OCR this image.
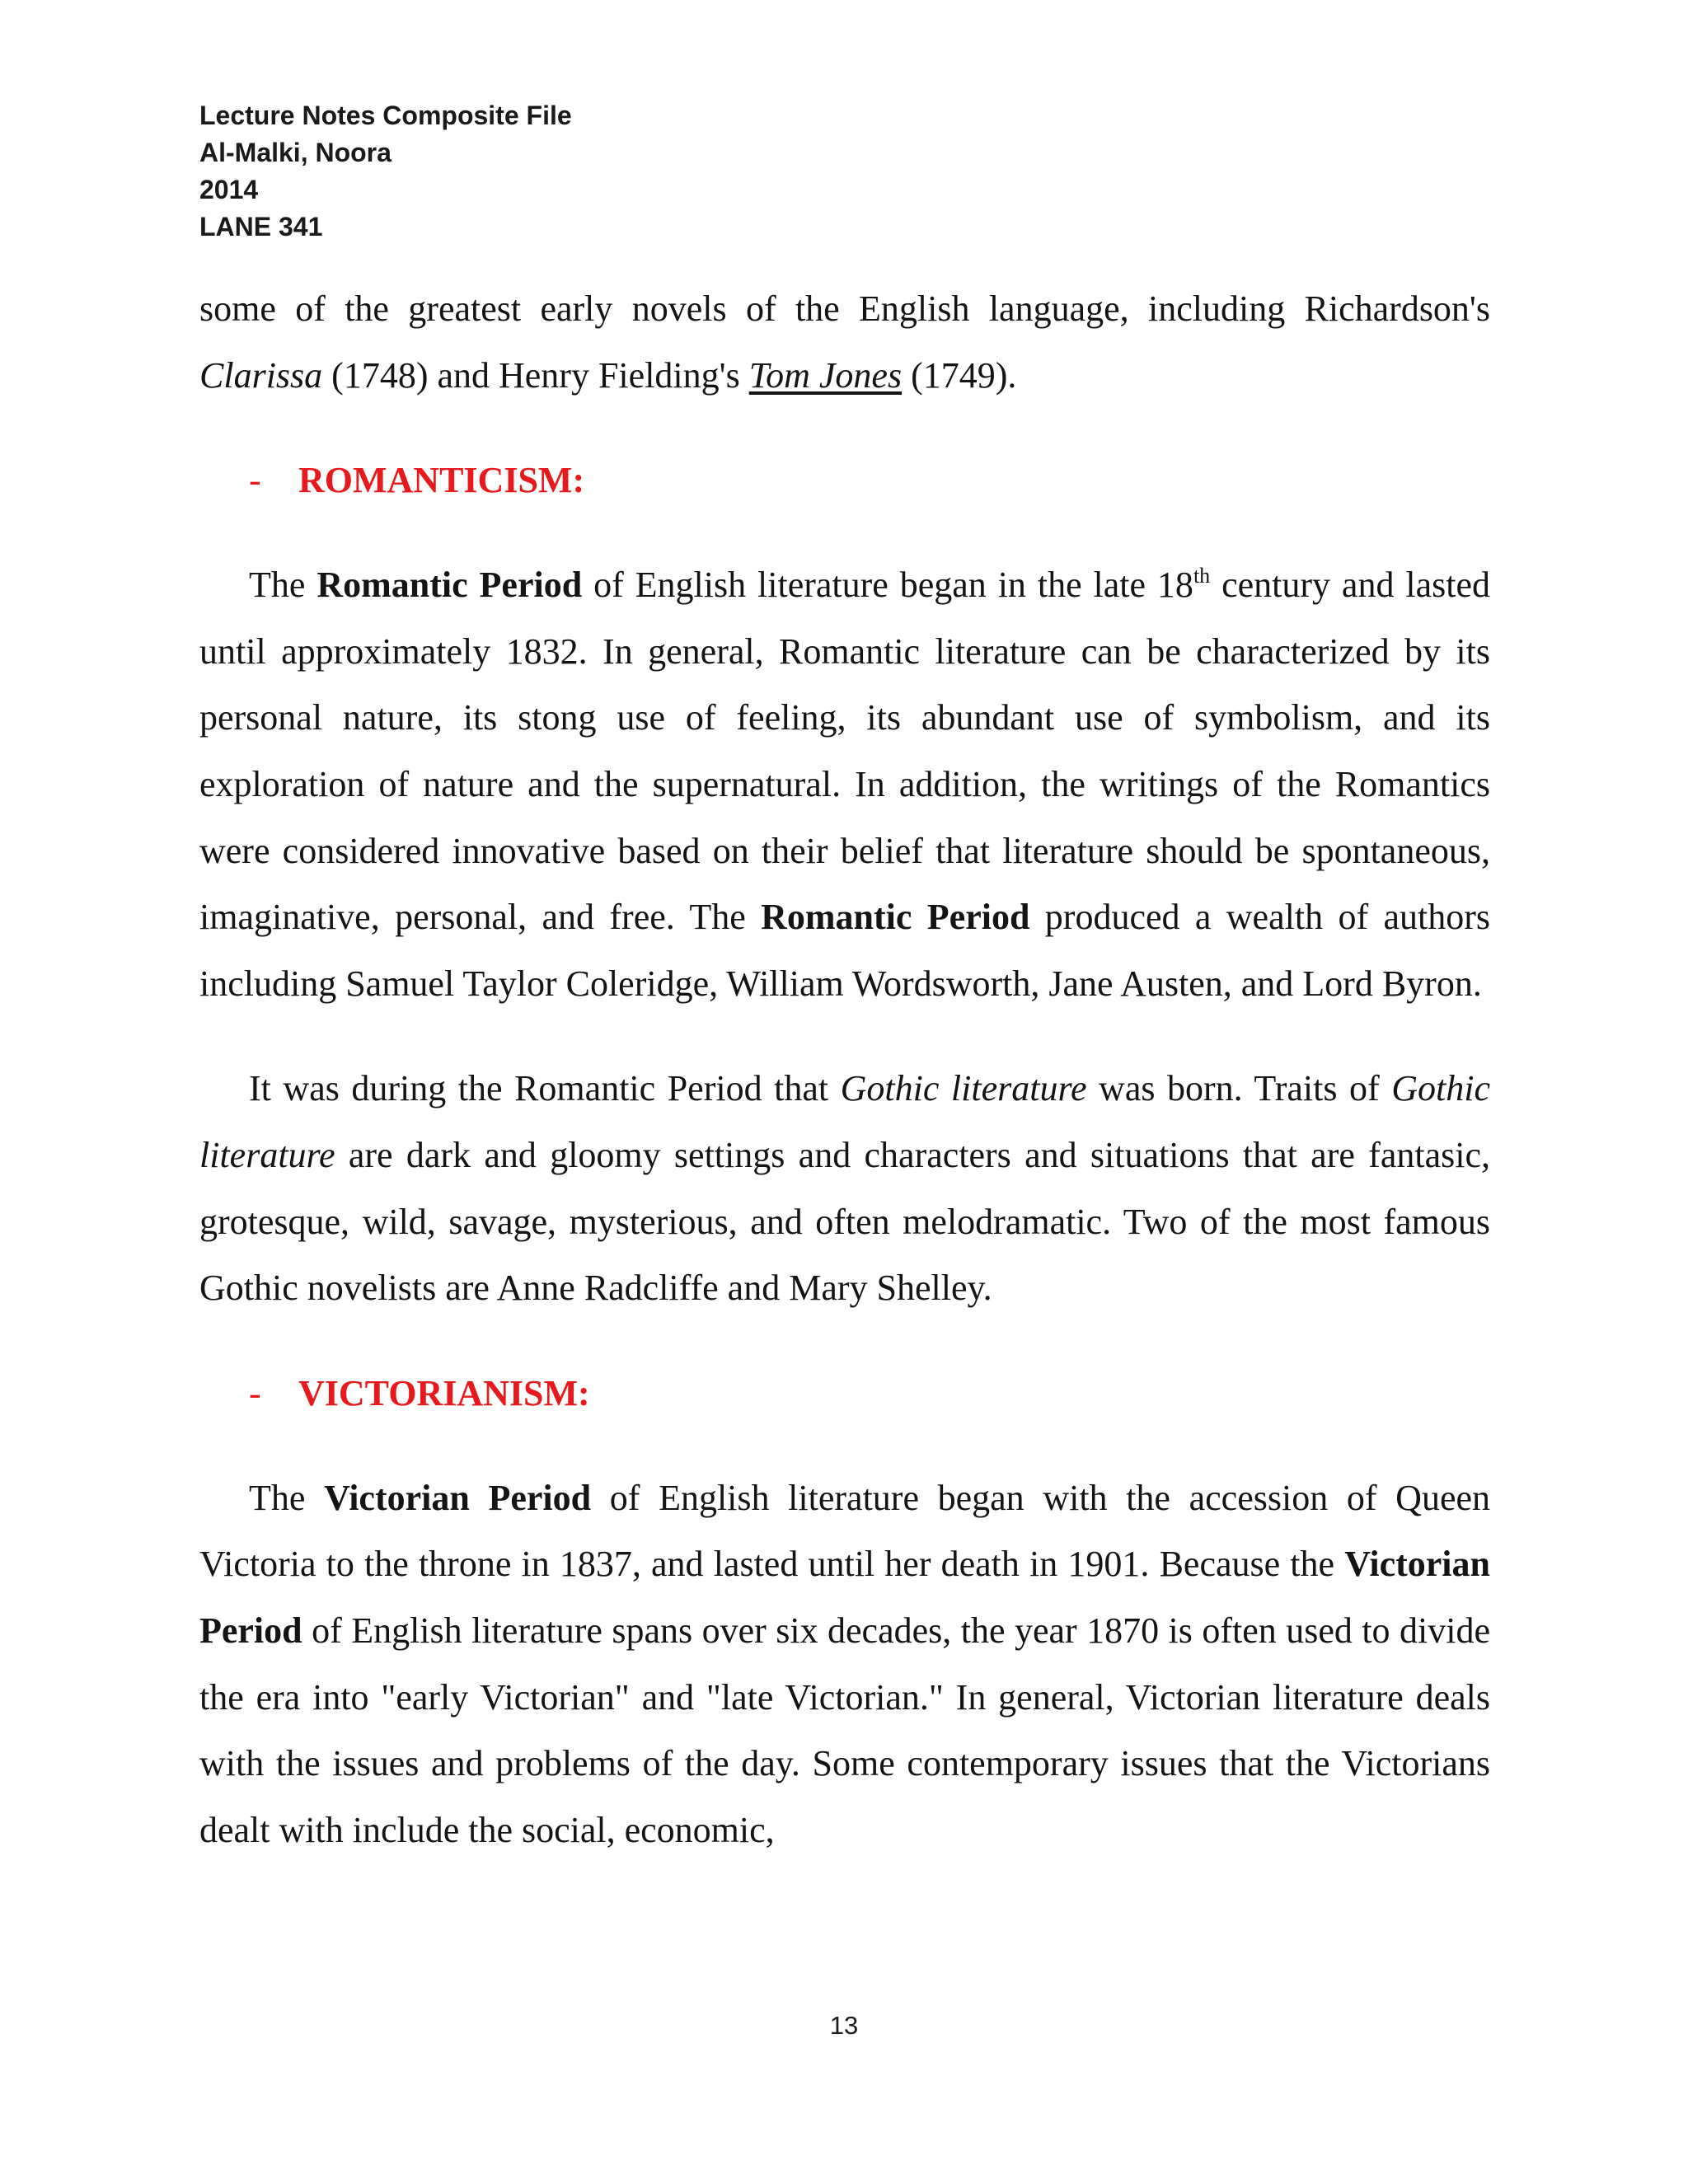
Lecture Notes Composite File
Al-Malki, Noora
2014
LANE 341

some of the greatest early novels of the English language, including Richardson's Clarissa (1748) and Henry Fielding's Tom Jones (1749).

- ROMANTICISM:

The Romantic Period of English literature began in the late 18th century and lasted until approximately 1832. In general, Romantic literature can be characterized by its personal nature, its stong use of feeling, its abundant use of symbolism, and its exploration of nature and the supernatural. In addition, the writings of the Romantics were considered innovative based on their belief that literature should be spontaneous, imaginative, personal, and free. The Romantic Period produced a wealth of authors including Samuel Taylor Coleridge, William Wordsworth, Jane Austen, and Lord Byron.

It was during the Romantic Period that Gothic literature was born. Traits of Gothic literature are dark and gloomy settings and characters and situations that are fantasic, grotesque, wild, savage, mysterious, and often melodramatic. Two of the most famous Gothic novelists are Anne Radcliffe and Mary Shelley.

- VICTORIANISM:

The Victorian Period of English literature began with the accession of Queen Victoria to the throne in 1837, and lasted until her death in 1901. Because the Victorian Period of English literature spans over six decades, the year 1870 is often used to divide the era into "early Victorian" and "late Victorian." In general, Victorian literature deals with the issues and problems of the day. Some contemporary issues that the Victorians dealt with include the social, economic,

13
